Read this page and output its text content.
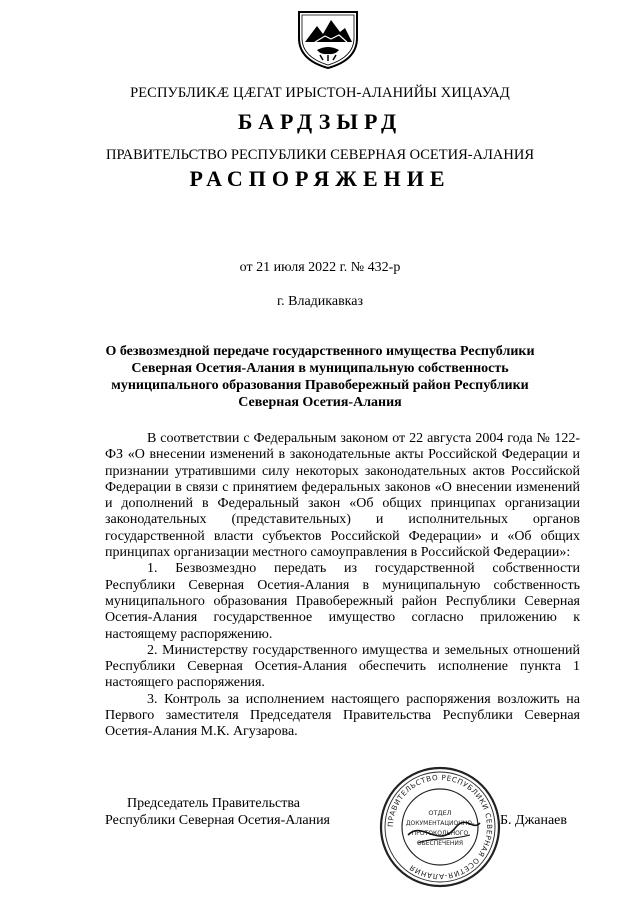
РЕСПУБЛИКӔ ЦӔГАТ ИРЫСТОН-АЛАНИЙЫ ХИЦАУАД
БАРДЗЫРД
ПРАВИТЕЛЬСТВО РЕСПУБЛИКИ СЕВЕРНАЯ ОСЕТИЯ-АЛАНИЯ
РАСПОРЯЖЕНИЕ
от 21 июля 2022 г. № 432-р
г. Владикавказ
О безвозмездной передаче государственного имущества Республики Северная Осетия-Алания в муниципальную собственность муниципального образования Правобережный район Республики Северная Осетия-Алания

В соответствии с Федеральным законом от 22 августа 2004 года № 122-ФЗ «О внесении изменений в законодательные акты Российской Федерации и признании утратившими силу некоторых законодательных актов Российской Федерации в связи с принятием федеральных законов «О внесении изменений и дополнений в Федеральный закон «Об общих принципах организации законодательных (представительных) и исполнительных органов государственной власти субъектов Российской Федерации» и «Об общих принципах организации местного самоуправления в Российской Федерации»:

1. Безвозмездно передать из государственной собственности Республики Северная Осетия-Алания в муниципальную собственность муниципального образования Правобережный район Республики Северная Осетия-Алания государственное имущество согласно приложению к настоящему распоряжению.

2. Министерству государственного имущества и земельных отношений Республики Северная Осетия-Алания обеспечить исполнение пункта 1 настоящего распоряжения.

3. Контроль за исполнением настоящего распоряжения возложить на Первого заместителя Председателя Правительства Республики Северная Осетия-Алания М.К. Агузарова.

Председатель Правительства
Республики Северная Осетия-Алания	ПРАВИТЕЛЬСТВО РЕСПУБЛИКИ СЕВЕРНАЯ ОСЕТИЯ-АЛАНИЯ
ОТДЕЛ
ДОКУМЕНТАЦИОННО-
ПРОТОКОЛЬНОГО
ОБЕСПЕЧЕНИЯ
Б. Джанаев
